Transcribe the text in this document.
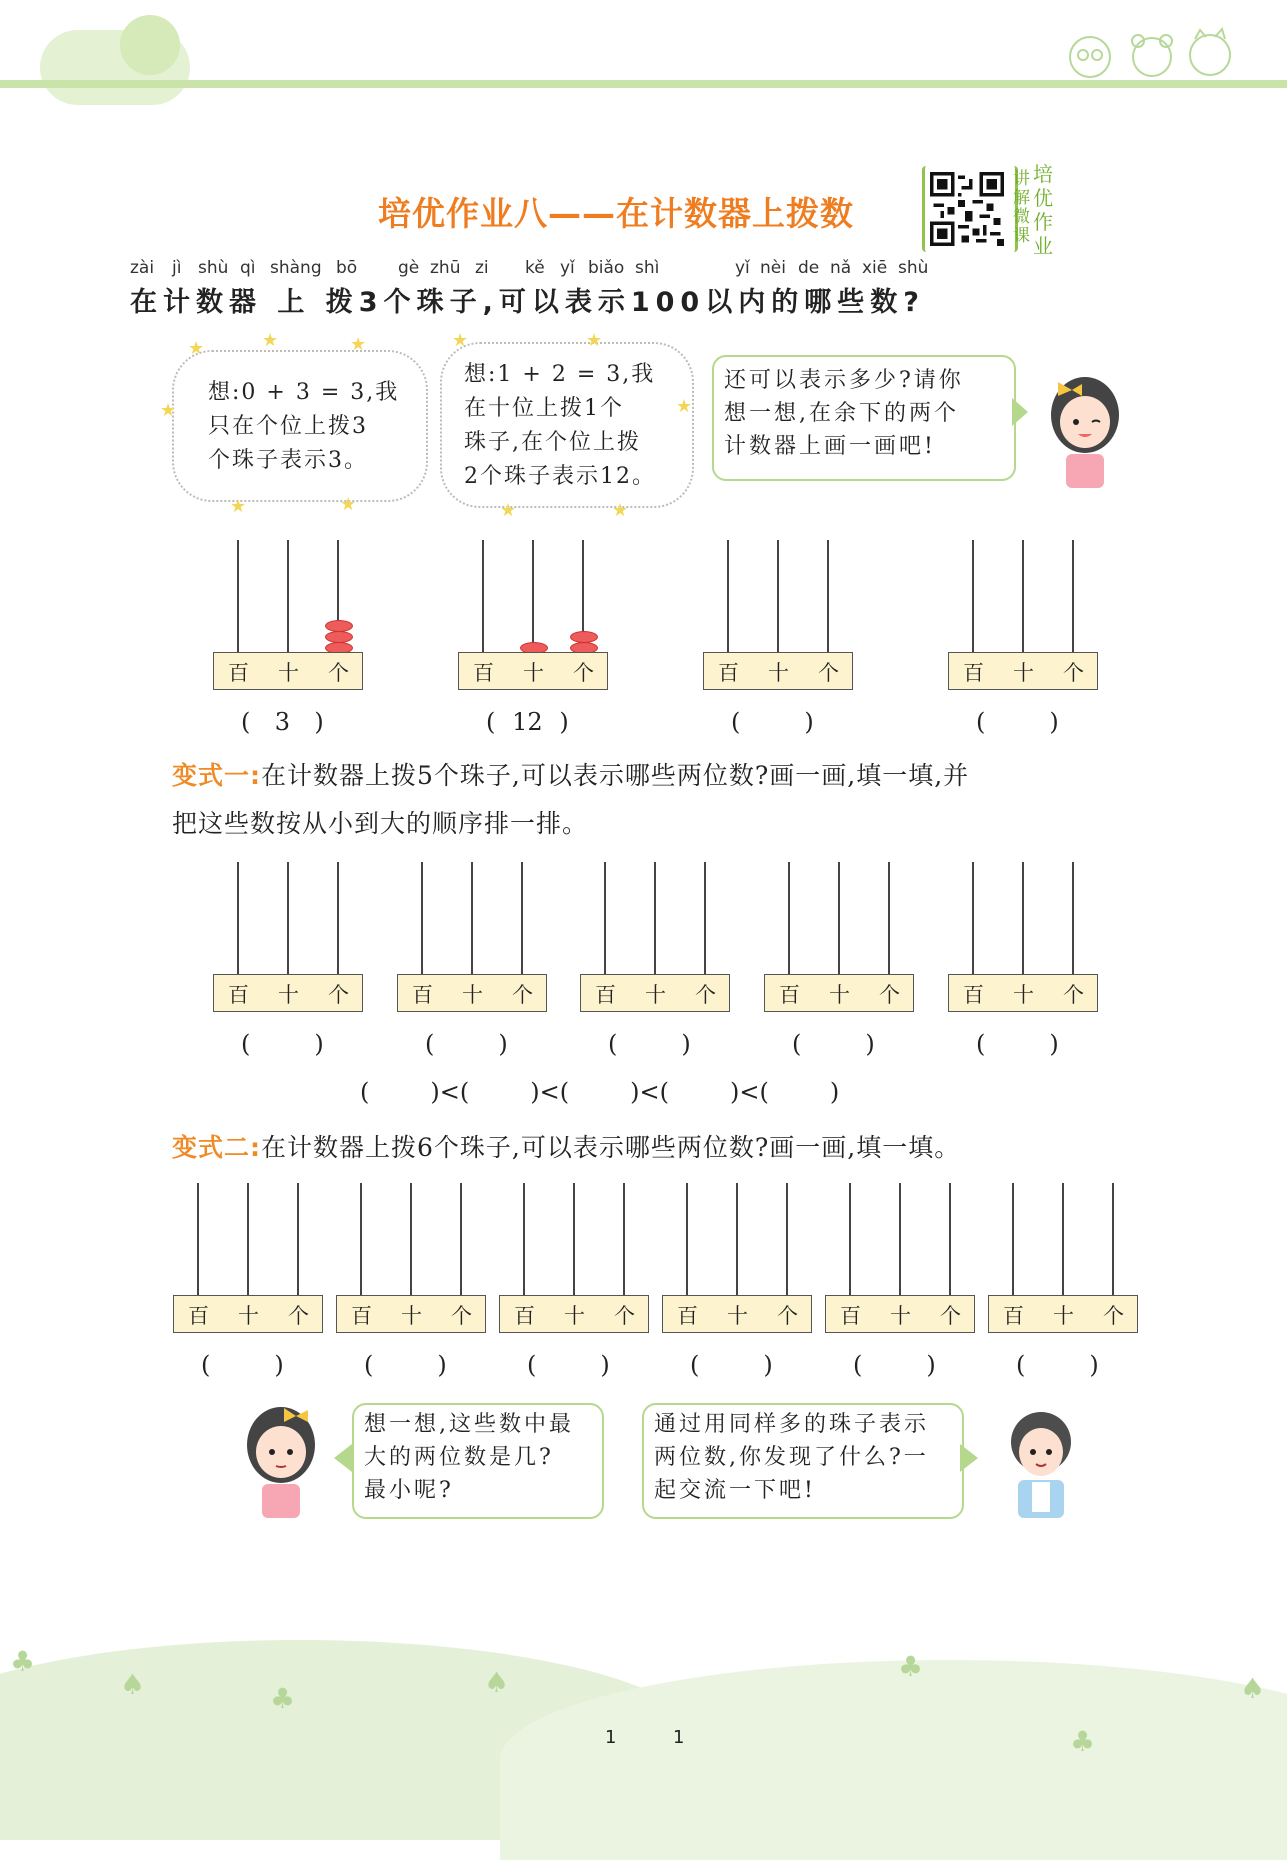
培优作业八——在计数器上拨数
讲解微课
培优作业
zài jì shù qì shàng bō gè zhū zi kě yǐ biǎo shì	yǐ nèi de nǎ xiē shù
在计数器 上 拨3个珠子,可以表示100以内的哪些数?
想:0 + 3 = 3,我
只在个位上拨3
个珠子表示3。
★	★	★
★
★	★
想:1 + 2 = 3,我
在十位上拨1个
珠子,在个位上拨
2个珠子表示12。
★	★
★
★	★
还可以表示多少?请你
想一想,在余下的两个
计数器上画一画吧!
百 十 个
( 3 )
百 十 个
( 12 )
百 十 个
(	)
百 十 个
(	)
百 十 个
(	)
百 十 个
(	)
百 十 个
(	)
百 十 个
(	)
百 十 个
(	)
百 十 个
(	)
百 十 个
(	)
百 十 个
(	)
百 十 个
(	)
百 十 个
(	)
百 十 个
(	)
变式一:在计数器上拨5个珠子,可以表示哪些两位数?画一画,填一填,并
把这些数按从小到大的顺序排一排。
(        )<(        )<(        )<(        )<(        )
变式二:在计数器上拨6个珠子,可以表示哪些两位数?画一画,填一填。
想一想,这些数中最
大的两位数是几?
最小呢?
通过用同样多的珠子表示
两位数,你发现了什么?一
起交流一下吧!
♣
♠	♣	♠	♣
♣
♠
1	1
